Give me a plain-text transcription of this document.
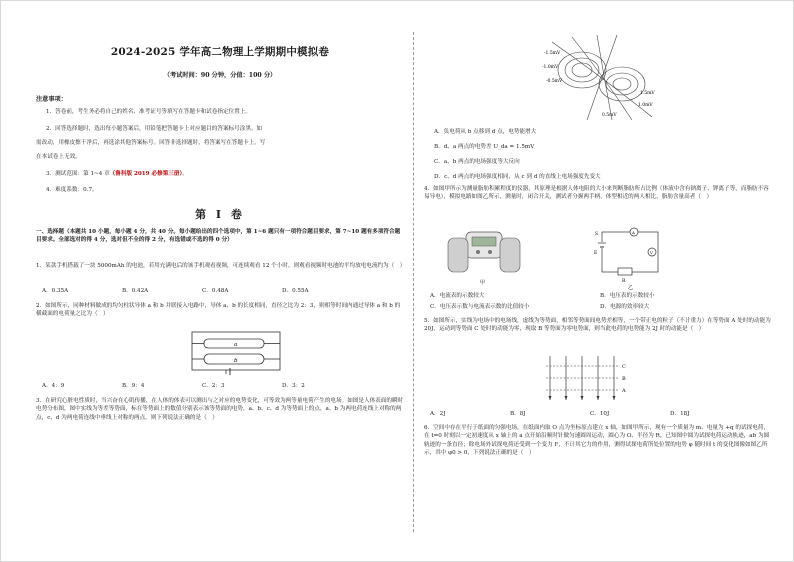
2024-2025 学年高二物理上学期期中模拟卷
（考试时间：90 分钟，分值：100 分）
注意事项：
1．答卷前，考生务必将自己的姓名、准考证号等填写在答题卡和试卷指定位置上。
2．回答选择题时，选出每小题答案后，用铅笔把答题卡上对应题目的答案标号涂黑。如
需改动，用橡皮擦干净后，再选涂其他答案标号。回答非选择题时，将答案写在答题卡上。写
在本试卷上无效。
3．测试范围：第 1~4 章（鲁科版 2019 必修第三册）。
4．难度系数：0.7。
第 I 卷
一、选择题（本题共 10 小题，每小题 4 分，共 40 分。每小题给出的四个选项中，第 1~6 题只有一项符合题目要求，第 7~10 题有多项符合题目要求。全部选对的得 4 分，选对但不全的得 2 分，有选错或不选的得 0 分）
1．某款手机搭载了一块 5000mAh 的电池，若用充满电后的该手机观看视频，可连续观看 12 个小时，则观看视频时电池的平均放电电流约为（　）
A．0.35A	B．0.42A	C．0.48A	D．0.55A
2．如图所示，同种材料做成的均匀柱状导体 a 和 b 并联接入电路中，导体 a、b 的长度相同，直径之比为 2：3，则相等时间内通过导体 a 和 b 的横截面的电荷量之比为（　）
a
b
A．4：9	B．9：4	C．2：3	D．3：2
3．在研究心脏电性质时，当兴奋在心肌传播，在人体的体表可以测出与之对应的电势变化，可等效为两等量电荷产生的电场。如图是人体表面的瞬时电势分布图，图中实线为等差等势面，标在等势面上的数值分别表示该等势面的电势，a、b、c、d 为等势面上的点，a、b 为两电荷连线上对称的两点，c、d 为两电荷连线中垂线上对称的两点，则下列说法正确的是（　）
-1.5mV
-1.0mV
-0.5mV
0.5mV
1.0mV
1.5mV
A．负电荷从 b 点移到 d 点，电势能增大
B．d、a 两点的电势差 U_da = 1.5mV
C．a、b 两点的电场强度等大反向
D．c、d 两点的电场强度相同，从 c 到 d 的直线上电场强度先变大
4．如图甲所示为测量脂肪积累程度的仪器，其原理是根据人体电阻的大小来判断脂肪所占比例（体液中含有钠离子、钾离子等，而脂肪不容易导电），模拟电路如图乙所示，测量时，闭合开关，测试者分握两手柄，体型相近的两人相比，脂肪含量高者（　）
甲
S
E
A
V
R
乙
A．电流表的示数较大	B．电压表的示数较小
C．电压表示数与电流表示数的比值较小	D．电源的效率较大
5．如图所示，实线为电场中的电场线，虚线为等势面，相邻等势面间电势差相等，一个带正电的粒子（不计重力）在等势面 A 处时的动能为 20J，运动到等势面 C 处时的动能为零，现取 B 等势面为零电势面，则当此电荷的电势能为 2J 时的动能是（　）
C
B
A
A．2J	B．8J	C．10J	D．18J
6．空间中存在平行于纸面的匀强电场，在纸面内取 O 点为坐标原点建立 x 轴，如图甲所示，现有一个质量为 m、电量为 +q 的试探电荷，在 t=0 时刻以一定初速度从 x 轴上的 a 点开始沿顺时针做匀速圆周运动，圆心为 O、半径为 R。已知图中圆为试探电荷运动轨迹，ab 为圆轨迹的一条直径；除电场外试探电荷还受到一个变力 F，不计其它力的作用，测得试探电荷所处位置的电势 φ 随时间 t 的变化图像如图乙所示，其中 φ0 > 0，下列说法正确的是（　）
